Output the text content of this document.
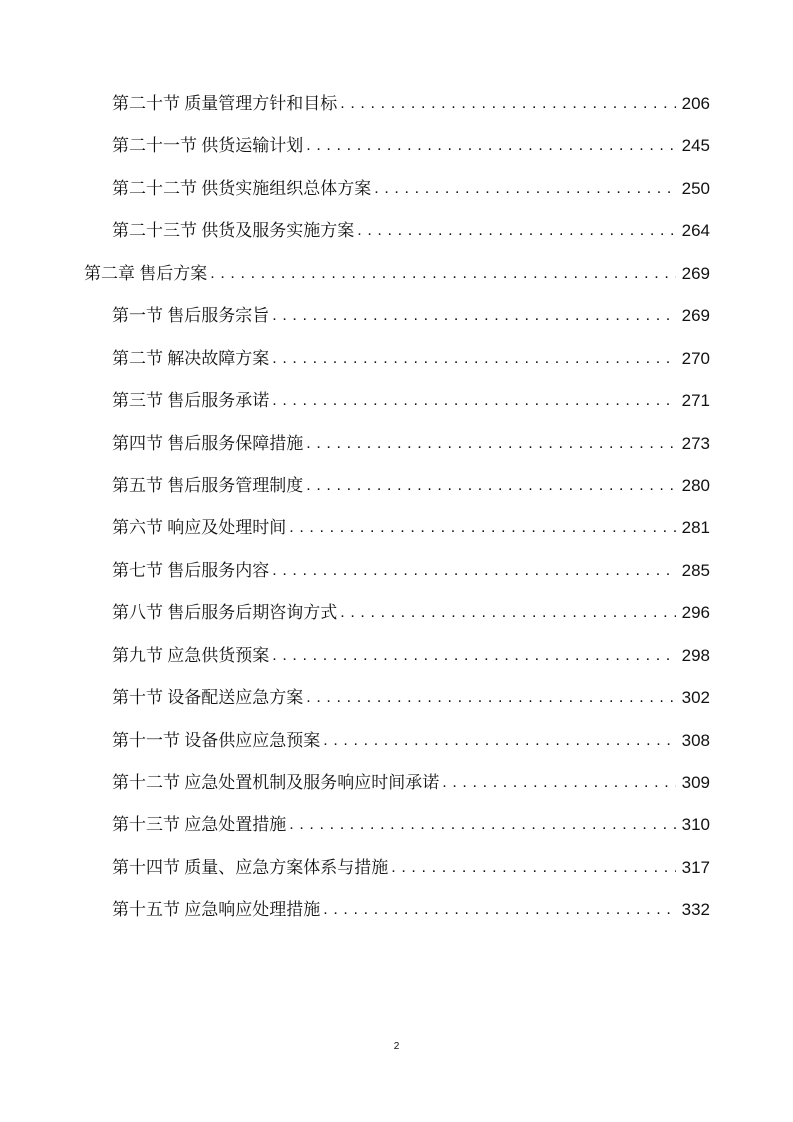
第二十节 质量管理方针和目标 . . .	206
第二十一节 供货运输计划 . . .	245
第二十二节 供货实施组织总体方案 . . .	250
第二十三节 供货及服务实施方案 . . .	264
第二章 售后方案 . . .	269
第一节 售后服务宗旨 . . .	269
第二节 解决故障方案 . . .	270
第三节 售后服务承诺 . . .	271
第四节 售后服务保障措施 . . .	273
第五节 售后服务管理制度 . . .	280
第六节 响应及处理时间 . . .	281
第七节 售后服务内容 . . .	285
第八节 售后服务后期咨询方式 . . .	296
第九节 应急供货预案 . . .	298
第十节 设备配送应急方案 . . .	302
第十一节 设备供应应急预案 . . .	308
第十二节 应急处置机制及服务响应时间承诺 . . .	309
第十三节 应急处置措施 . . .	310
第十四节 质量、应急方案体系与措施 . . .	317
第十五节 应急响应处理措施 . . .	332
2
